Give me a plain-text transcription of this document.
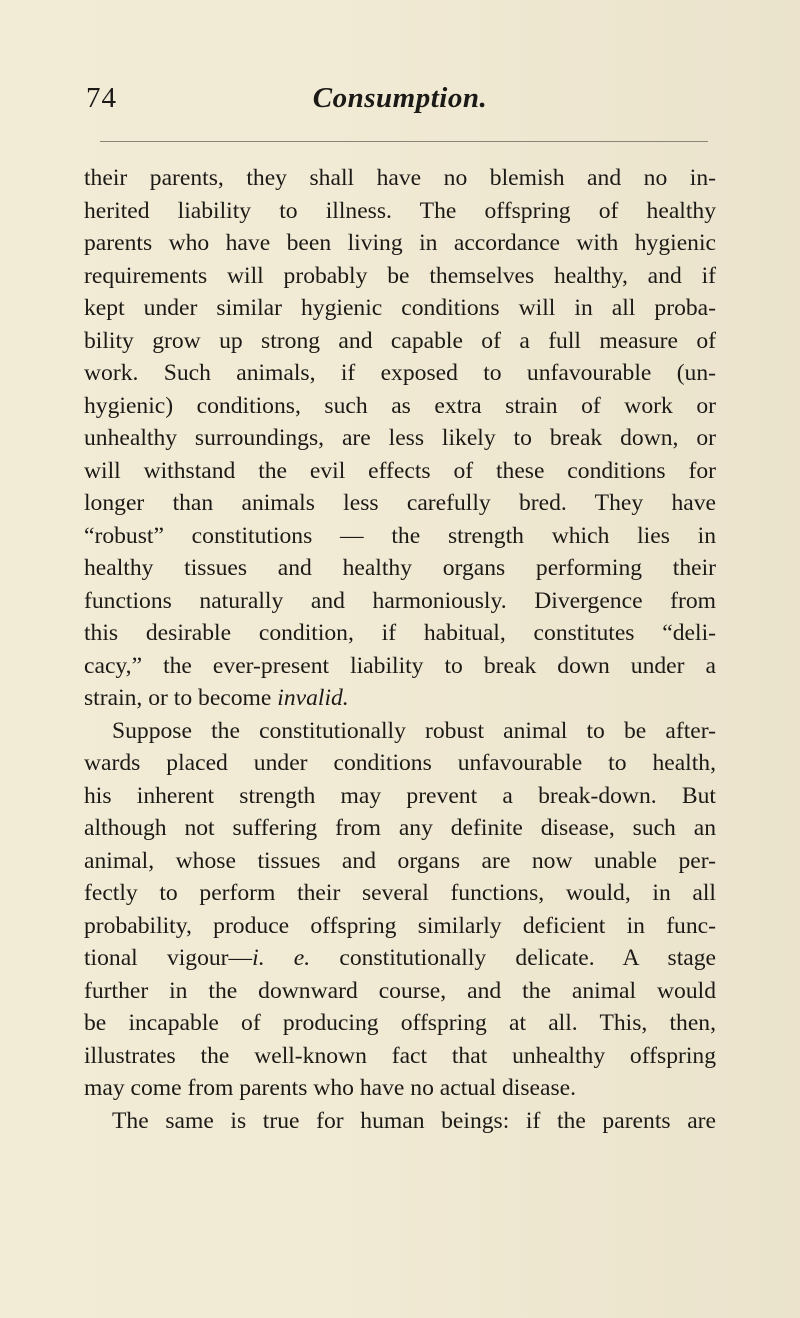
74	Consumption.
their parents, they shall have no blemish and no in-
herited liability to illness. The offspring of healthy
parents who have been living in accordance with hygienic
requirements will probably be themselves healthy, and if
kept under similar hygienic conditions will in all proba-
bility grow up strong and capable of a full measure of
work. Such animals, if exposed to unfavourable (un-
hygienic) conditions, such as extra strain of work or
unhealthy surroundings, are less likely to break down, or
will withstand the evil effects of these conditions for
longer than animals less carefully bred. They have
“robust” constitutions — the strength which lies in
healthy tissues and healthy organs performing their
functions naturally and harmoniously. Divergence from
this desirable condition, if habitual, constitutes “deli-
cacy,” the ever-present liability to break down under a
strain, or to become invalid.
Suppose the constitutionally robust animal to be after-
wards placed under conditions unfavourable to health,
his inherent strength may prevent a break-down. But
although not suffering from any definite disease, such an
animal, whose tissues and organs are now unable per-
fectly to perform their several functions, would, in all
probability, produce offspring similarly deficient in func-
tional vigour—i. e. constitutionally delicate. A stage
further in the downward course, and the animal would
be incapable of producing offspring at all. This, then,
illustrates the well-known fact that unhealthy offspring
may come from parents who have no actual disease.
The same is true for human beings: if the parents are
